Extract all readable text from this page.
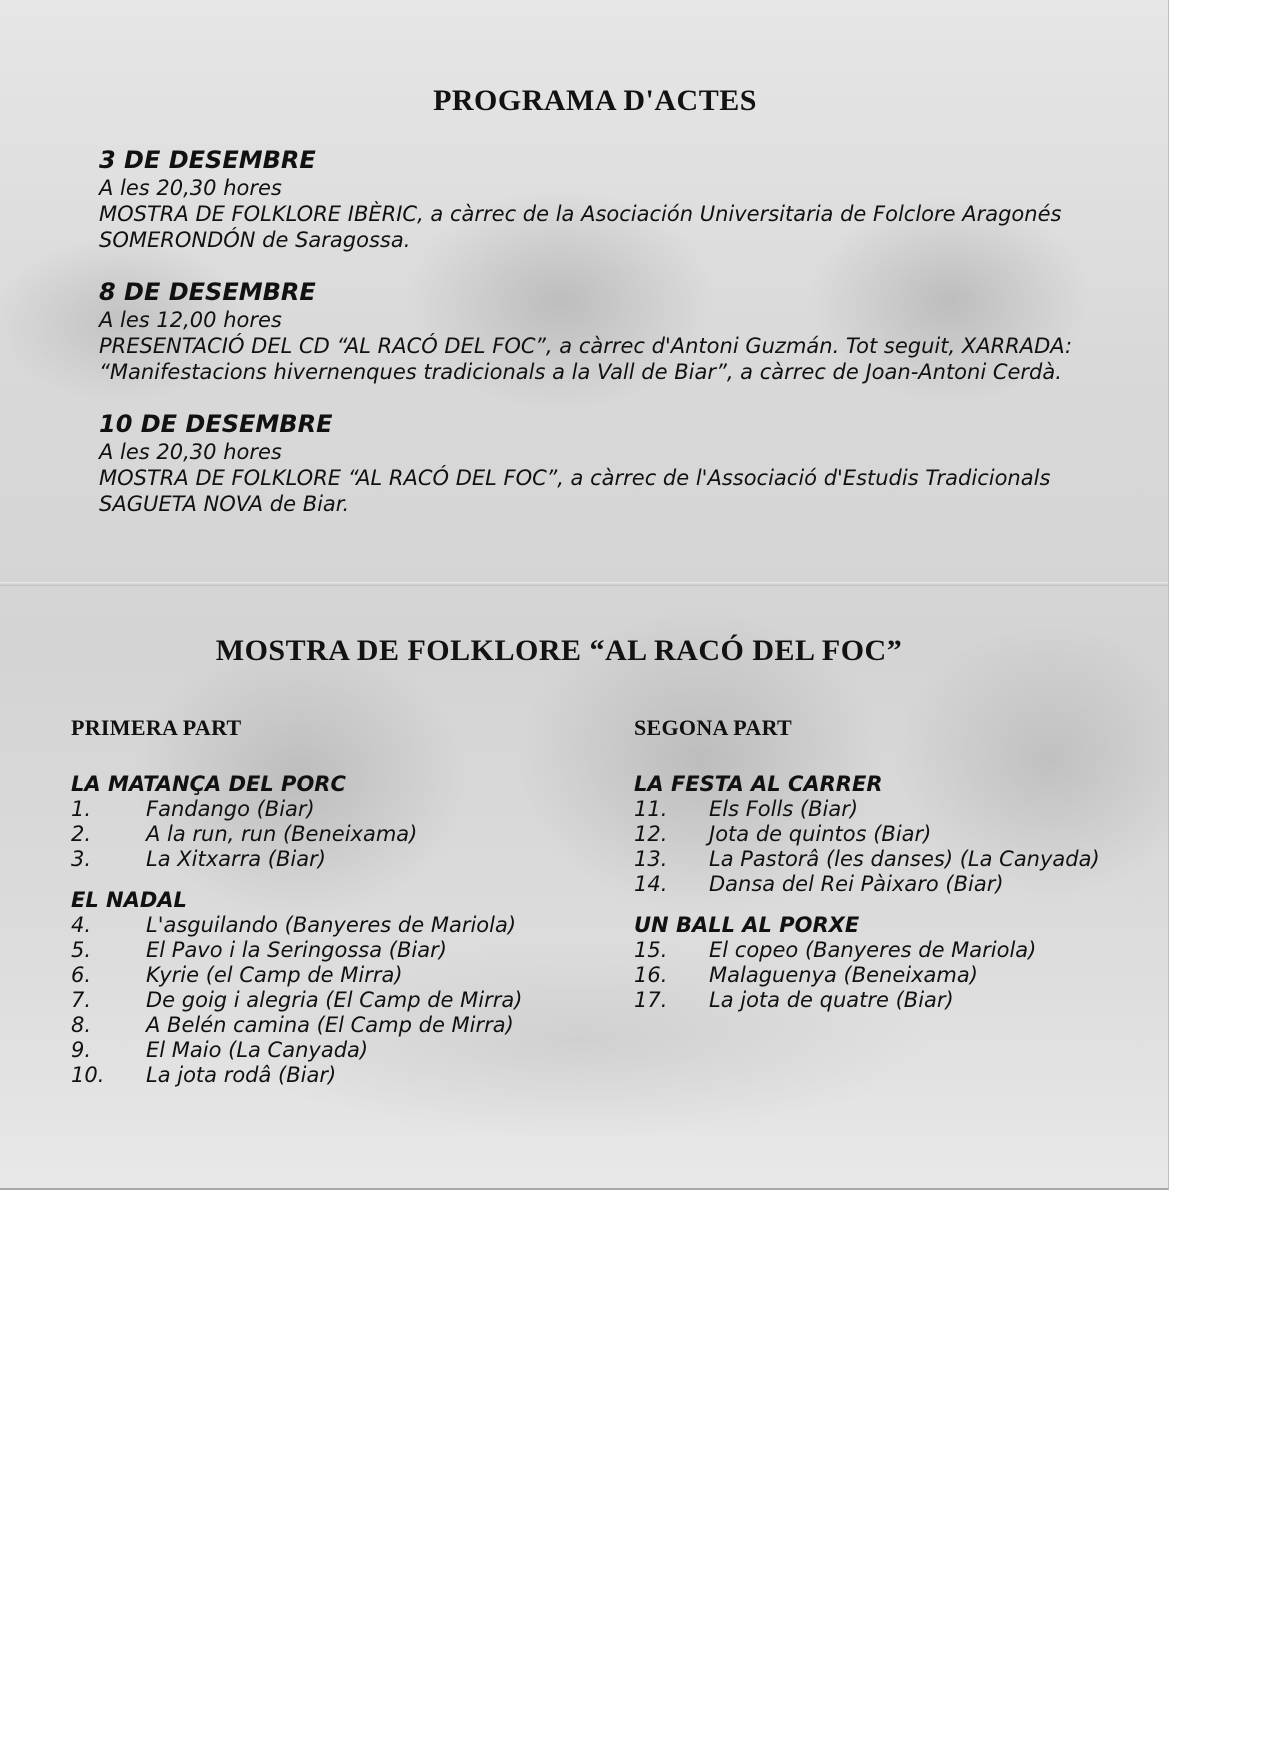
PROGRAMA D'ACTES
3 DE DESEMBRE
A les 20,30 hores
MOSTRA DE FOLKLORE IBÈRIC, a càrrec de la Asociación Universitaria de Folclore Aragonés
SOMERONDÓN de Saragossa.
8 DE DESEMBRE
A les 12,00 hores
PRESENTACIÓ DEL CD “AL RACÓ DEL FOC”, a càrrec d'Antoni Guzmán. Tot seguit, XARRADA:
“Manifestacions hivernenques tradicionals a la Vall de Biar”, a càrrec de Joan-Antoni Cerdà.
10 DE DESEMBRE
A les 20,30 hores
MOSTRA DE FOLKLORE “AL RACÓ DEL FOC”, a càrrec de l'Associació d'Estudis Tradicionals
SAGUETA NOVA de Biar.
MOSTRA DE FOLKLORE “AL RACÓ DEL FOC”
PRIMERA PART
LA MATANÇA DEL PORC
1.	Fandango (Biar)
2.	A la run, run (Beneixama)
3.	La Xitxarra (Biar)
EL NADAL
4.	L'asguilando (Banyeres de Mariola)
5.	El Pavo i la Seringossa (Biar)
6.	Kyrie (el Camp de Mirra)
7.	De goig i alegria (El Camp de Mirra)
8.	A Belén camina (El Camp de Mirra)
9.	El Maio (La Canyada)
10. La jota rodâ (Biar)
SEGONA PART
LA FESTA AL CARRER
11. Els Folls (Biar)
12. Jota de quintos (Biar)
13. La Pastorâ (les danses) (La Canyada)
14. Dansa del Rei Pàixaro (Biar)
UN BALL AL PORXE
15. El copeo (Banyeres de Mariola)
16. Malaguenya (Beneixama)
17. La jota de quatre (Biar)
